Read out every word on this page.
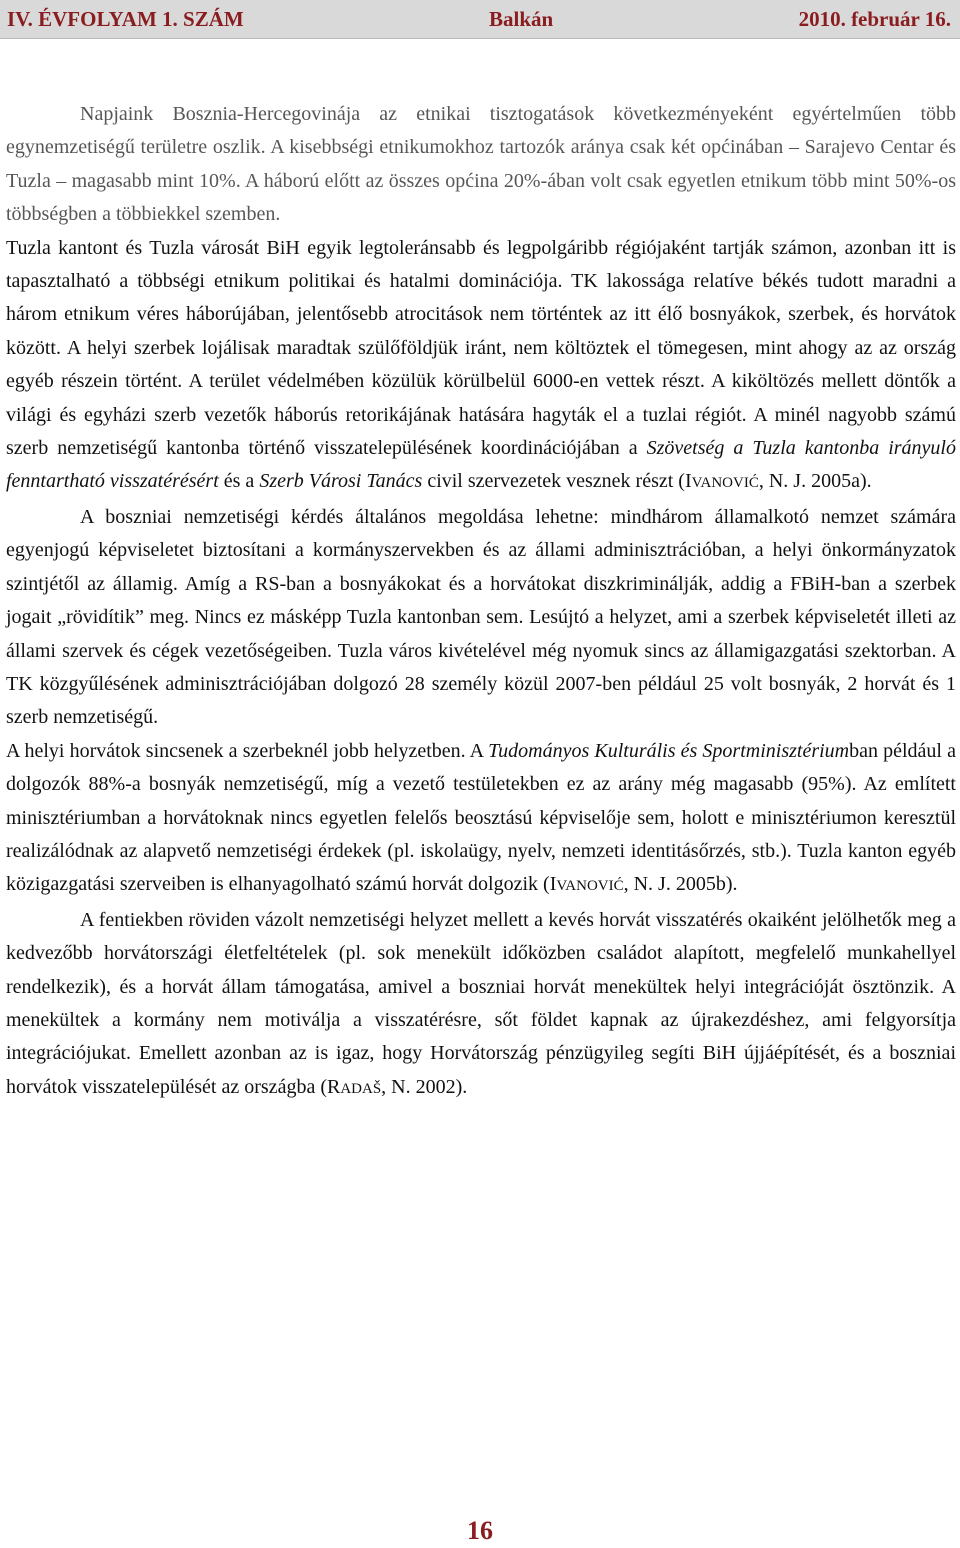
IV. ÉVFOLYAM 1. SZÁM	Balkán	2010. február 16.

Napjaink Bosznia-Hercegovinája az etnikai tisztogatások következményeként egyértelműen több egynemzetiségű területre oszlik. A kisebbségi etnikumokhoz tartozók aránya csak két općinában – Sarajevo Centar és Tuzla – magasabb mint 10%. A háború előtt az összes općina 20%-ában volt csak egyetlen etnikum több mint 50%-os többségben a többiekkel szemben.

Tuzla kantont és Tuzla városát BiH egyik legtoleránsabb és legpolgáribb régiójaként tartják számon, azonban itt is tapasztalható a többségi etnikum politikai és hatalmi dominációja. TK lakossága relatíve békés tudott maradni a három etnikum véres háborújában, jelentősebb atrocitások nem történtek az itt élő bosnyákok, szerbek, és horvátok között. A helyi szerbek lojálisak maradtak szülőföldjük iránt, nem költöztek el tömegesen, mint ahogy az az ország egyéb részein történt. A terület védelmében közülük körülbelül 6000-en vettek részt. A kiköltözés mellett döntők a világi és egyházi szerb vezetők háborús retorikájának hatására hagyták el a tuzlai régiót. A minél nagyobb számú szerb nemzetiségű kantonba történő visszatelepülésének koordinációjában a Szövetség a Tuzla kantonba irányuló fenntartható visszatérésért és a Szerb Városi Tanács civil szervezetek vesznek részt (IVANOVIĆ, N. J. 2005a).

A boszniai nemzetiségi kérdés általános megoldása lehetne: mindhárom államalkotó nemzet számára egyenjogú képviseletet biztosítani a kormányszervekben és az állami adminisztrációban, a helyi önkormányzatok szintjétől az államig. Amíg a RS-ban a bosnyákokat és a horvátokat diszkriminálják, addig a FBiH-ban a szerbek jogait „rövidítik” meg. Nincs ez másképp Tuzla kantonban sem. Lesújtó a helyzet, ami a szerbek képviseletét illeti az állami szervek és cégek vezetőségeiben. Tuzla város kivételével még nyomuk sincs az államigazgatási szektorban. A TK közgyűlésének adminisztrációjában dolgozó 28 személy közül 2007-ben például 25 volt bosnyák, 2 horvát és 1 szerb nemzetiségű.

A helyi horvátok sincsenek a szerbeknél jobb helyzetben. A Tudományos Kulturális és Sportminisztériumban például a dolgozók 88%-a bosnyák nemzetiségű, míg a vezető testületekben ez az arány még magasabb (95%). Az említett minisztériumban a horvátoknak nincs egyetlen felelős beosztású képviselője sem, holott e minisztériumon keresztül realizálódnak az alapvető nemzetiségi érdekek (pl. iskolaügy, nyelv, nemzeti identitásőrzés, stb.). Tuzla kanton egyéb közigazgatási szerveiben is elhanyagolható számú horvát dolgozik (IVANOVIĆ, N. J. 2005b).

A fentiekben röviden vázolt nemzetiségi helyzet mellett a kevés horvát visszatérés okaiként jelölhetők meg a kedvezőbb horvátországi életfeltételek (pl. sok menekült időközben családot alapított, megfelelő munkahellyel rendelkezik), és a horvát állam támogatása, amivel a boszniai horvát menekültek helyi integrációját ösztönzik. A menekültek a kormány nem motiválja a visszatérésre, sőt földet kapnak az újrakezdéshez, ami felgyorsítja integrációjukat. Emellett azonban az is igaz, hogy Horvátország pénzügyileg segíti BiH újjáépítését, és a boszniai horvátok visszatelepülését az országba (RADAŠ, N. 2002).

16
